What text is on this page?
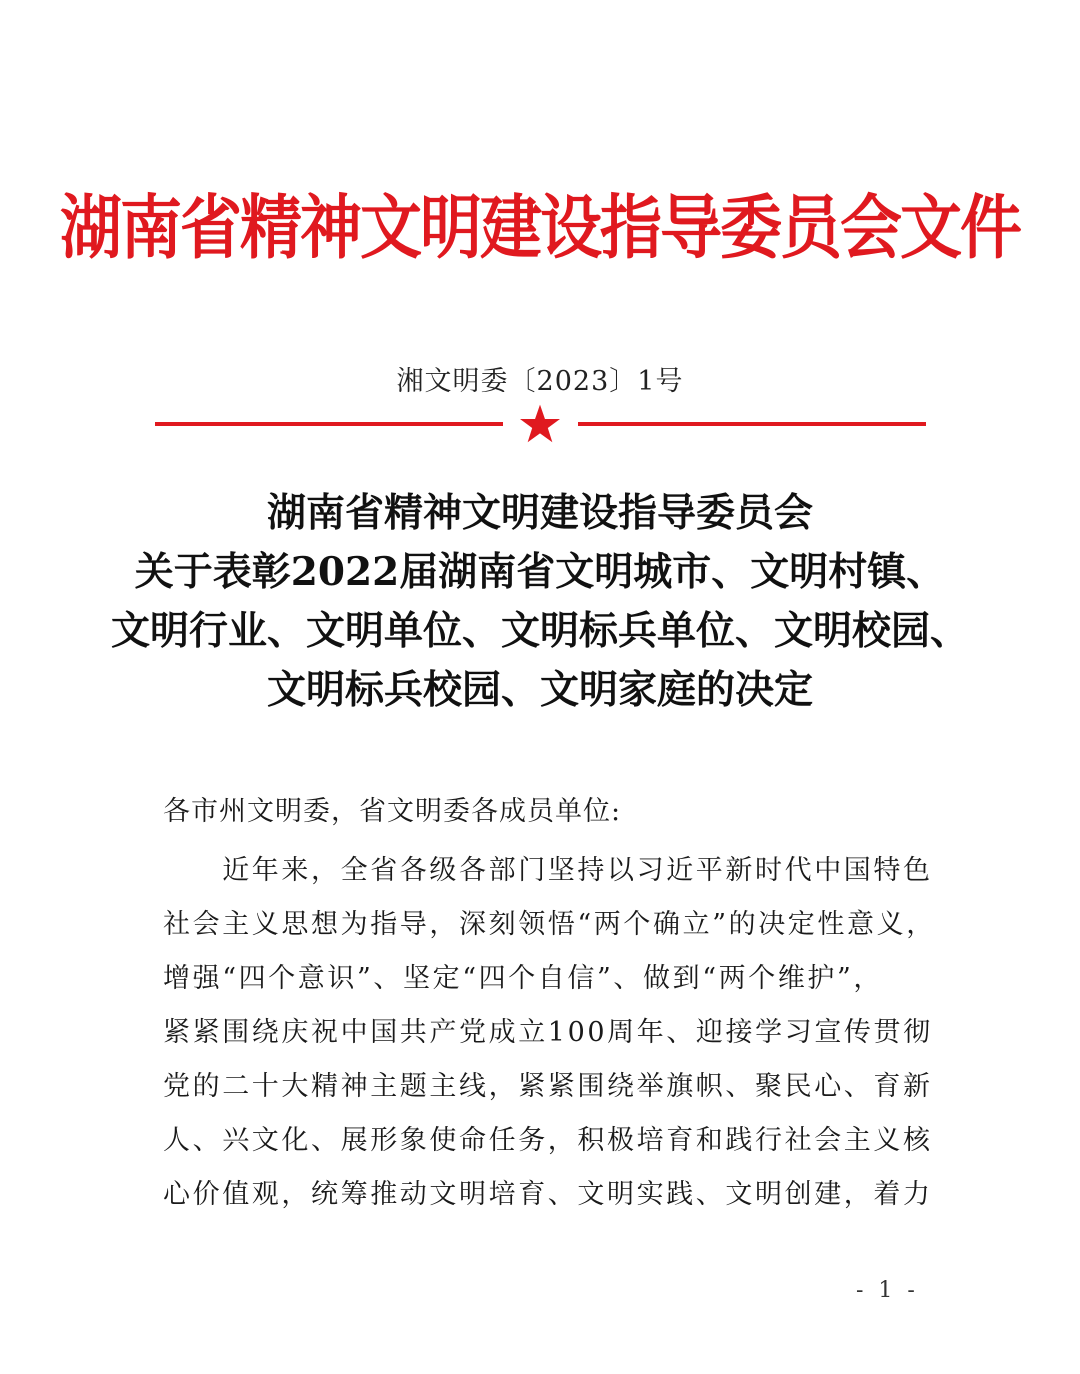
湖南省精神文明建设指导委员会文件
湘文明委〔2023〕1号
湖南省精神文明建设指导委员会
关于表彰2022届湖南省文明城市、文明村镇、
文明行业、文明单位、文明标兵单位、文明校园、
文明标兵校园、文明家庭的决定
各市州文明委，省文明委各成员单位:
　　近年来，全省各级各部门坚持以习近平新时代中国特色
社会主义思想为指导，深刻领悟“两个确立”的决定性意义，
增强“四个意识”、坚定“四个自信”、做到“两个维护”，
紧紧围绕庆祝中国共产党成立100周年、迎接学习宣传贯彻
党的二十大精神主题主线，紧紧围绕举旗帜、聚民心、育新
人、兴文化、展形象使命任务，积极培育和践行社会主义核
心价值观，统筹推动文明培育、文明实践、文明创建，着力
- 1 -
